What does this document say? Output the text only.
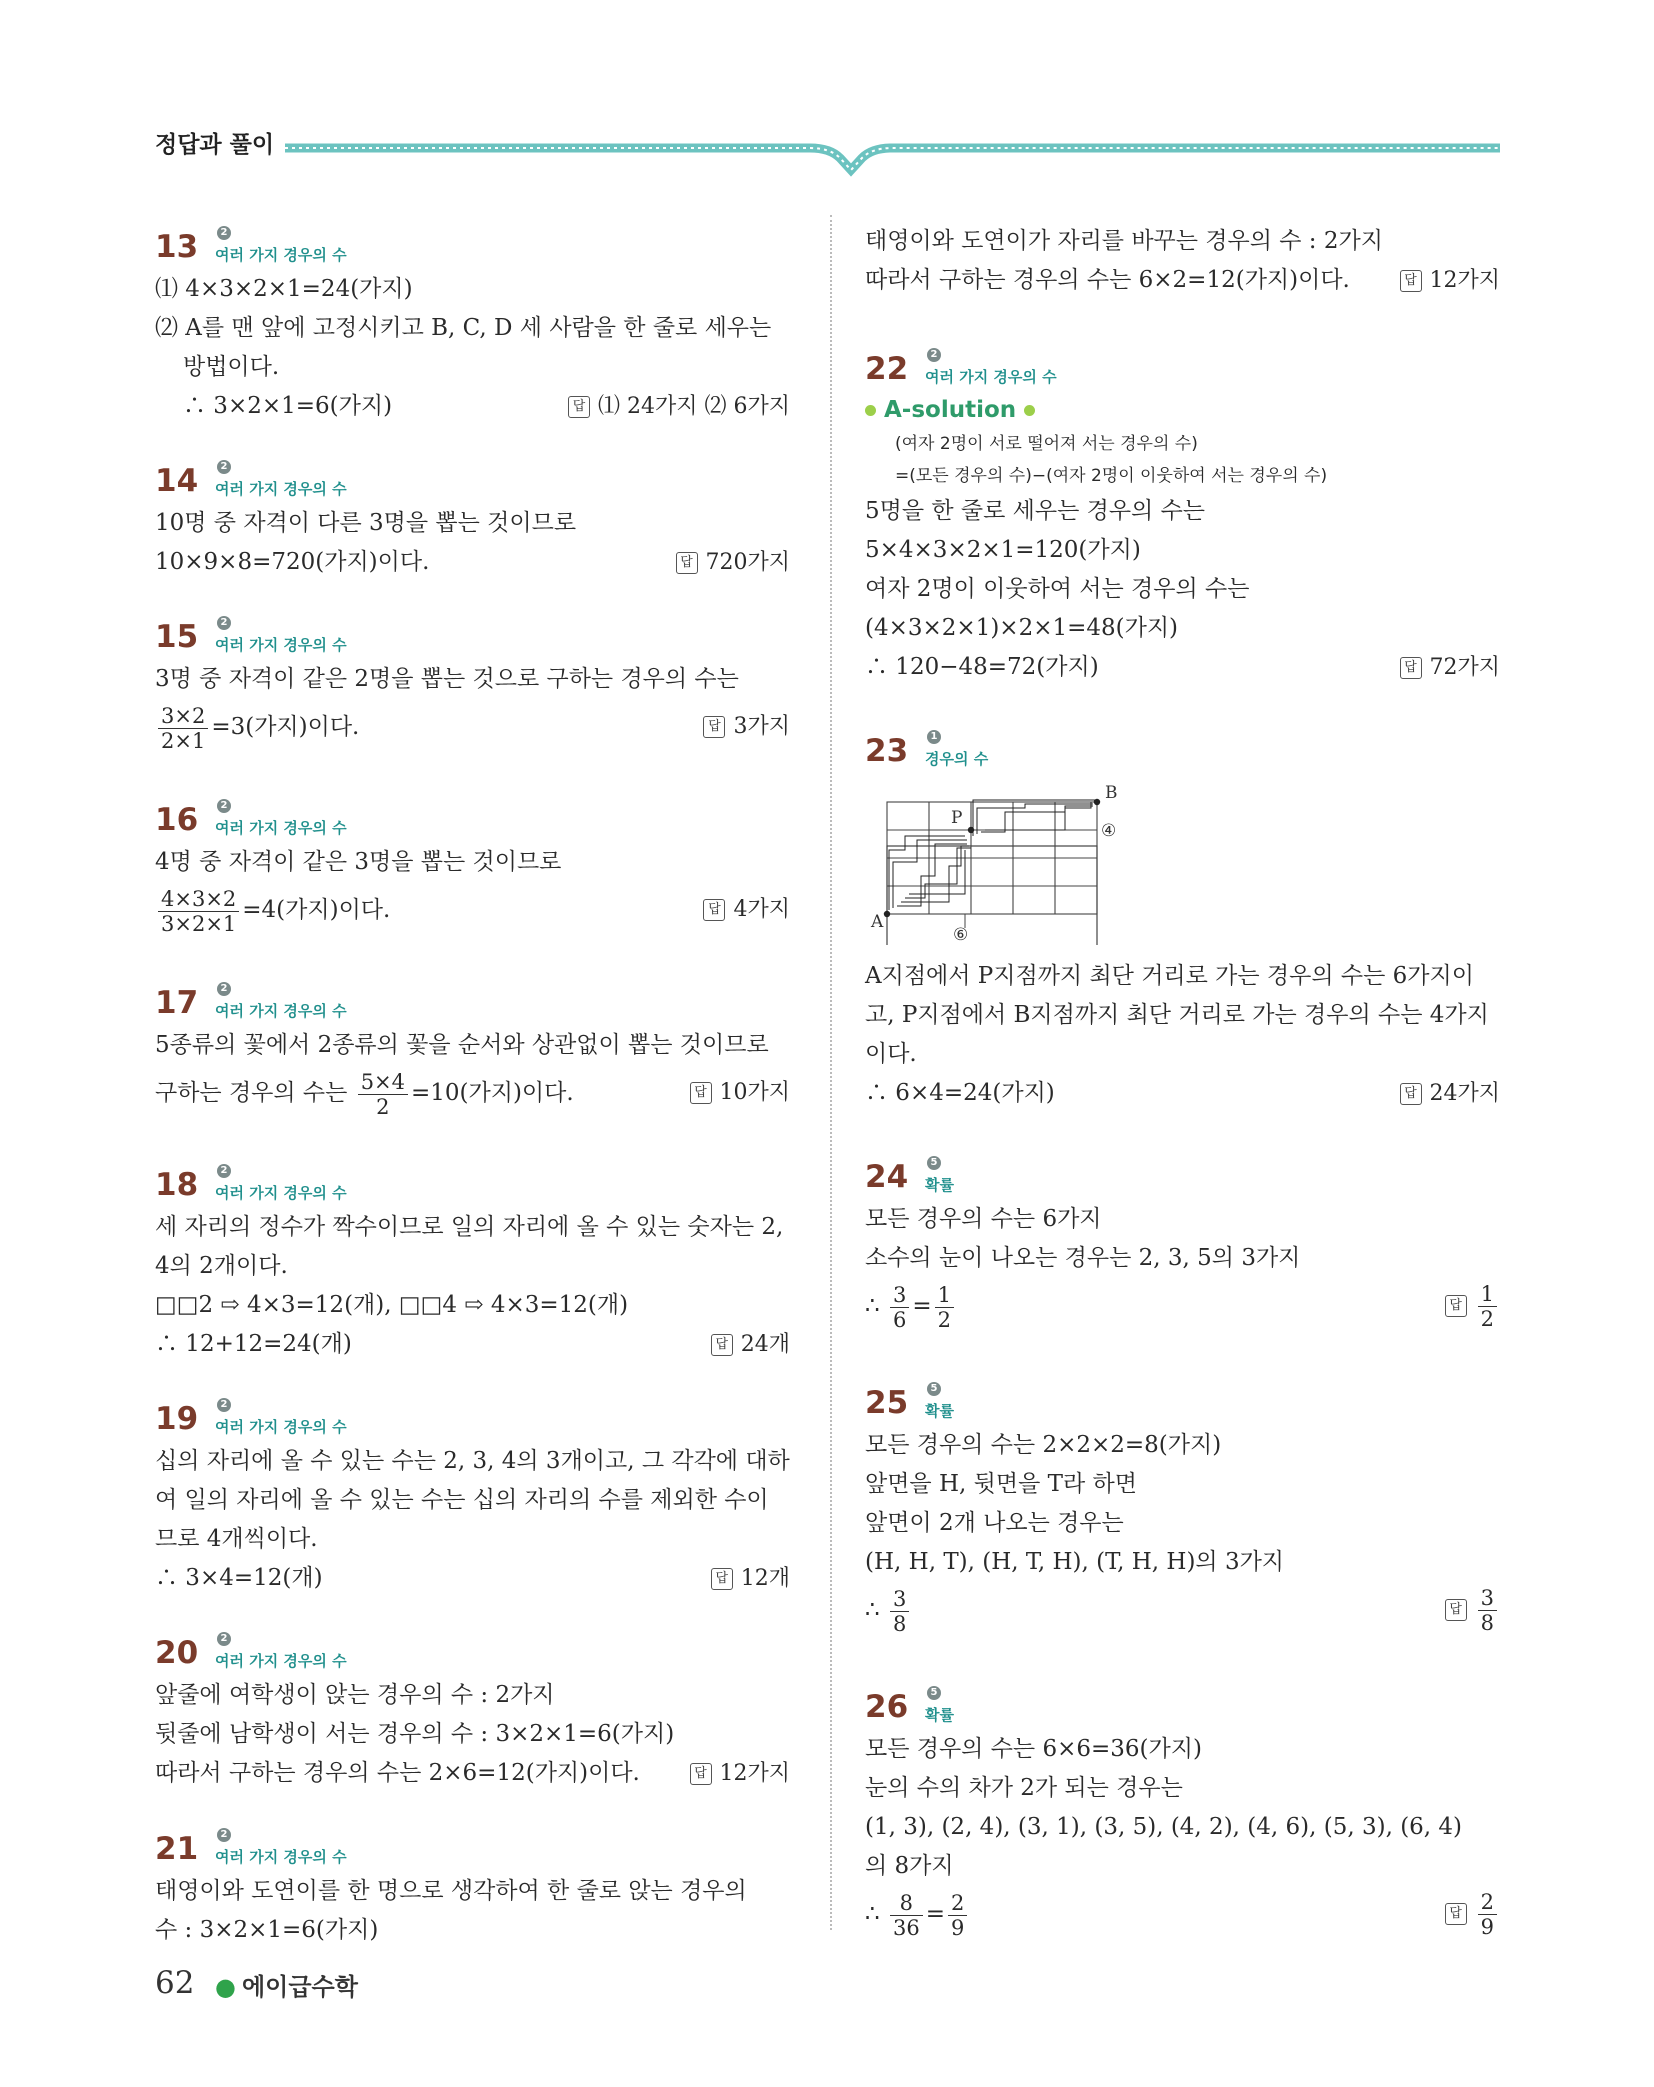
정답과 풀이
13	2
여러 가지 경우의 수
⑴ 4×3×2×1=24(가지)
⑵ A를 맨 앞에 고정시키고 B, C, D 세 사람을 한 줄로 세우는
방법이다.
∴ 3×2×1=6(가지)	답 ⑴ 24가지 ⑵ 6가지
14	2
여러 가지 경우의 수
10명 중 자격이 다른 3명을 뽑는 것이므로
10×9×8=720(가지)이다.	답 720가지
15	2
여러 가지 경우의 수
3명 중 자격이 같은 2명을 뽑는 것으로 구하는 경우의 수는
$\frac{3\times 2}{2\times 1} =3$(가지)이다.	답 3가지
16	2
여러 가지 경우의 수
4명 중 자격이 같은 3명을 뽑는 것이므로
$\frac{4\times 3\times 2}{3\times 2\times 1} =4$(가지)이다.	답 4가지
17	2
여러 가지 경우의 수
5종류의 꽃에서 2종류의 꽃을 순서와 상관없이 뽑는 것이므로
구하는 경우의 수는 $\frac{5\times 4}{2} =10$(가지)이다.	답 10가지
18	2
여러 가지 경우의 수
세 자리의 정수가 짝수이므로 일의 자리에 올 수 있는 숫자는 2,
4의 2개이다.
□□2 ⇨ 4×3=12(개), □□4 ⇨ 4×3=12(개)
∴ 12+12=24(개)	답 24개
19	2
여러 가지 경우의 수
십의 자리에 올 수 있는 수는 2, 3, 4의 3개이고, 그 각각에 대하
여 일의 자리에 올 수 있는 수는 십의 자리의 수를 제외한 수이
므로 4개씩이다.
∴ 3×4=12(개)	답 12개
20	2
여러 가지 경우의 수
앞줄에 여학생이 앉는 경우의 수 : 2가지
뒷줄에 남학생이 서는 경우의 수 : 3×2×1=6(가지)
따라서 구하는 경우의 수는 2×6=12(가지)이다.	답 12가지
21	2
여러 가지 경우의 수
태영이와 도연이를 한 명으로 생각하여 한 줄로 앉는 경우의
수 : 3×2×1=6(가지)
태영이와 도연이가 자리를 바꾸는 경우의 수 : 2가지
따라서 구하는 경우의 수는 6×2=12(가지)이다.	답 12가지
22	2
여러 가지 경우의 수
A-solution
(여자 2명이 서로 떨어져 서는 경우의 수)
=(모든 경우의 수)−(여자 2명이 이웃하여 서는 경우의 수)
5명을 한 줄로 세우는 경우의 수는
5×4×3×2×1=120(가지)
여자 2명이 이웃하여 서는 경우의 수는
(4×3×2×1)×2×1=48(가지)
∴ 120−48=72(가지)	답 72가지
23	1
경우의 수
A
P
B
④
⑥
A지점에서 P지점까지 최단 거리로 가는 경우의 수는 6가지이
고, P지점에서 B지점까지 최단 거리로 가는 경우의 수는 4가지
이다.
∴ 6×4=24(가지)	답 24가지
24	5
확률
모든 경우의 수는 6가지
소수의 눈이 나오는 경우는 2, 3, 5의 3가지
∴ $\frac{3}{6} = \frac{1}{2}$	답 $\frac{1}{2}$
25	5
확률
모든 경우의 수는 2×2×2=8(가지)
앞면을 H, 뒷면을 T라 하면
앞면이 2개 나오는 경우는
(H, H, T), (H, T, H), (T, H, H)의 3가지
∴ $\frac{3}{8}$	답 $\frac{3}{8}$
26	5
확률
모든 경우의 수는 6×6=36(가지)
눈의 수의 차가 2가 되는 경우는
(1, 3), (2, 4), (3, 1), (3, 5), (4, 2), (4, 6), (5, 3), (6, 4)
의 8가지
∴ $\frac{8}{36} = \frac{2}{9}$	답 $\frac{2}{9}$
62 ● 에이급수학
